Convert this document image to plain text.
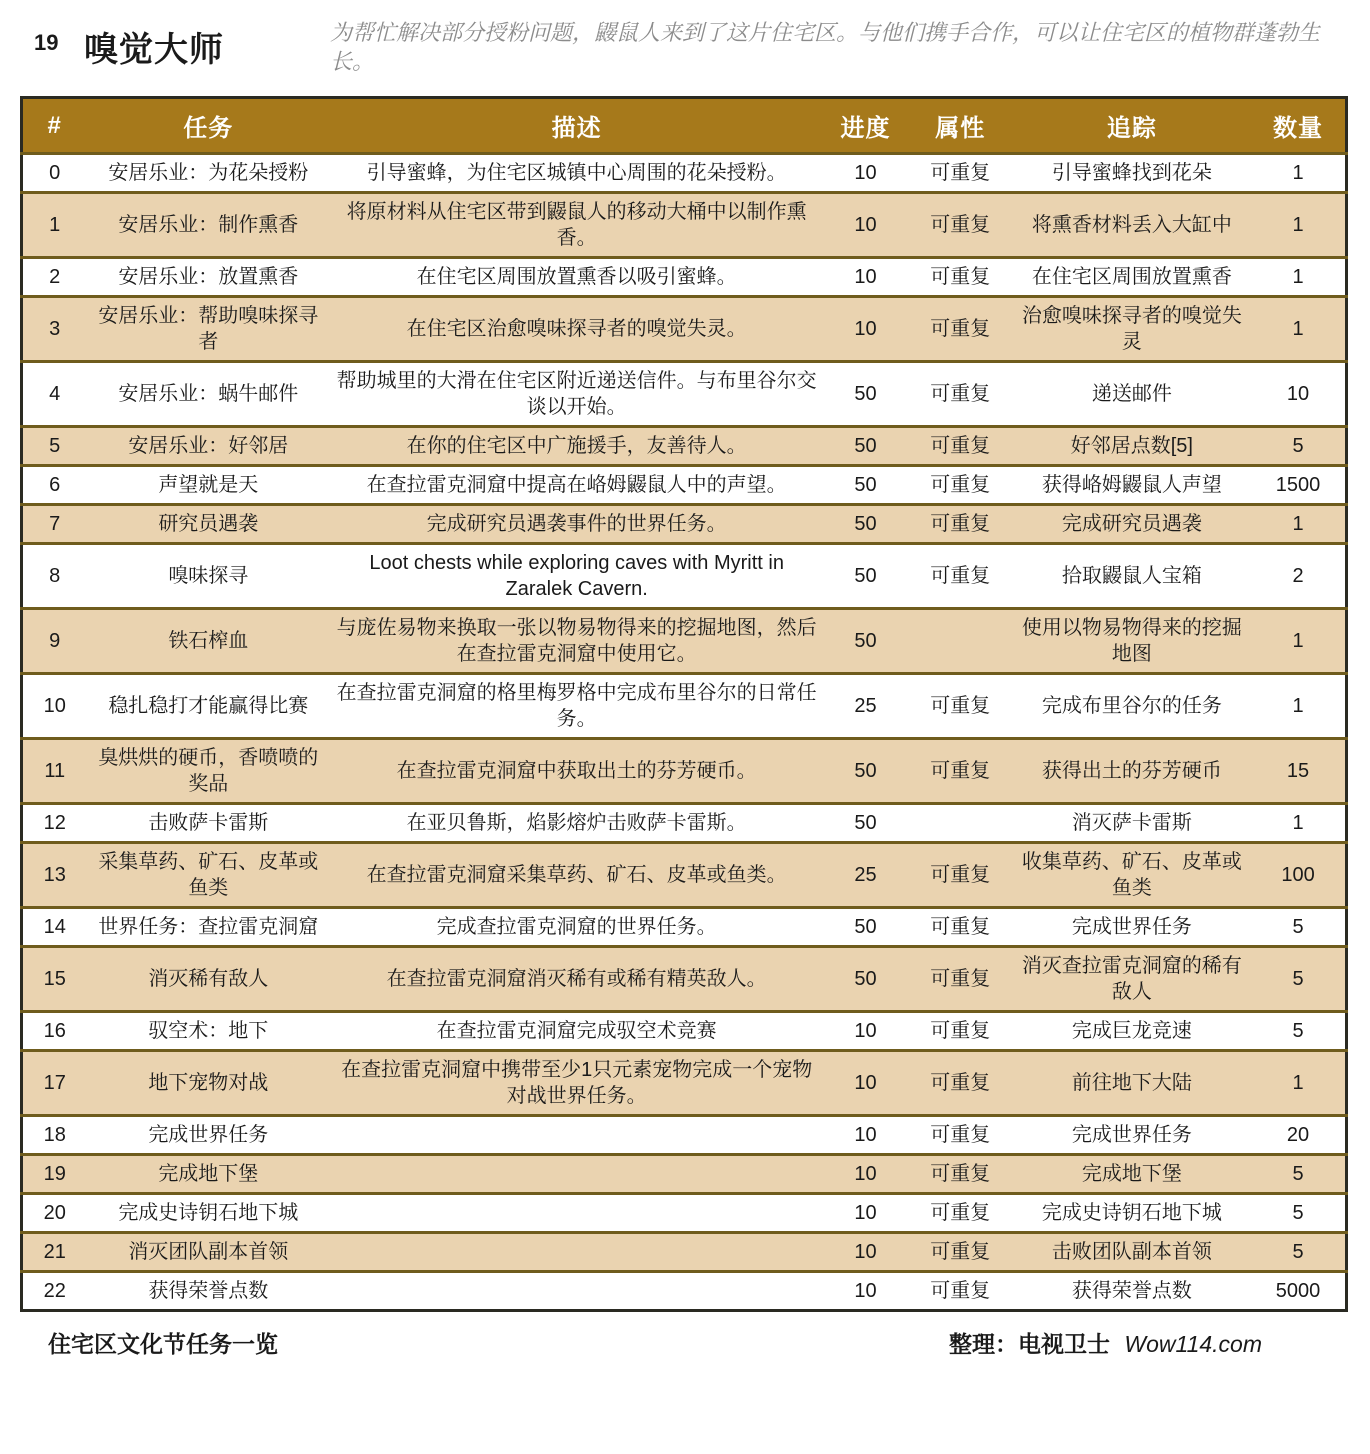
19 嗅觉大师	为帮忙解决部分授粉问题，鼹鼠人来到了这片住宅区。与他们携手合作，可以让住宅区的植物群蓬勃生长。
#	任务	描述	进度	属性	追踪	数量
0	安居乐业：为花朵授粉	引导蜜蜂，为住宅区城镇中心周围的花朵授粉。	10	可重复	引导蜜蜂找到花朵	1
1	安居乐业：制作熏香	将原材料从住宅区带到鼹鼠人的移动大桶中以制作熏香。	10	可重复	将熏香材料丢入大缸中	1
2	安居乐业：放置熏香	在住宅区周围放置熏香以吸引蜜蜂。	10	可重复	在住宅区周围放置熏香	1
3	安居乐业：帮助嗅味探寻者	在住宅区治愈嗅味探寻者的嗅觉失灵。	10	可重复	治愈嗅味探寻者的嗅觉失灵	1
4	安居乐业：蜗牛邮件	帮助城里的大滑在住宅区附近递送信件。与布里谷尔交谈以开始。	50	可重复	递送邮件	10
5	安居乐业：好邻居	在你的住宅区中广施援手，友善待人。	50	可重复	好邻居点数[5]	5
6	声望就是天	在查拉雷克洞窟中提高在峈姆鼹鼠人中的声望。	50	可重复	获得峈姆鼹鼠人声望	1500
7	研究员遇袭	完成研究员遇袭事件的世界任务。	50	可重复	完成研究员遇袭	1
8	嗅味探寻	Loot chests while exploring caves with Myritt in Zaralek Cavern.	50	可重复	拾取鼹鼠人宝箱	2
9	铁石榨血	与庞佐易物来换取一张以物易物得来的挖掘地图，然后在查拉雷克洞窟中使用它。	50		使用以物易物得来的挖掘地图	1
10	稳扎稳打才能赢得比赛	在查拉雷克洞窟的格里梅罗格中完成布里谷尔的日常任务。	25	可重复	完成布里谷尔的任务	1
11	臭烘烘的硬币，香喷喷的奖品	在查拉雷克洞窟中获取出土的芬芳硬币。	50	可重复	获得出土的芬芳硬币	15
12	击败萨卡雷斯	在亚贝鲁斯，焰影熔炉击败萨卡雷斯。	50		消灭萨卡雷斯	1
13	采集草药、矿石、皮革或鱼类	在查拉雷克洞窟采集草药、矿石、皮革或鱼类。	25	可重复	收集草药、矿石、皮革或鱼类	100
14	世界任务：查拉雷克洞窟	完成查拉雷克洞窟的世界任务。	50	可重复	完成世界任务	5
15	消灭稀有敌人	在查拉雷克洞窟消灭稀有或稀有精英敌人。	50	可重复	消灭查拉雷克洞窟的稀有敌人	5
16	驭空术：地下	在查拉雷克洞窟完成驭空术竞赛	10	可重复	完成巨龙竞速	5
17	地下宠物对战	在查拉雷克洞窟中携带至少1只元素宠物完成一个宠物对战世界任务。	10	可重复	前往地下大陆	1
18	完成世界任务		10	可重复	完成世界任务	20
19	完成地下堡		10	可重复	完成地下堡	5
20	完成史诗钥石地下城		10	可重复	完成史诗钥石地下城	5
21	消灭团队副本首领		10	可重复	击败团队副本首领	5
22	获得荣誉点数		10	可重复	获得荣誉点数	5000
住宅区文化节任务一览	整理：电视卫士 Wow114.com
